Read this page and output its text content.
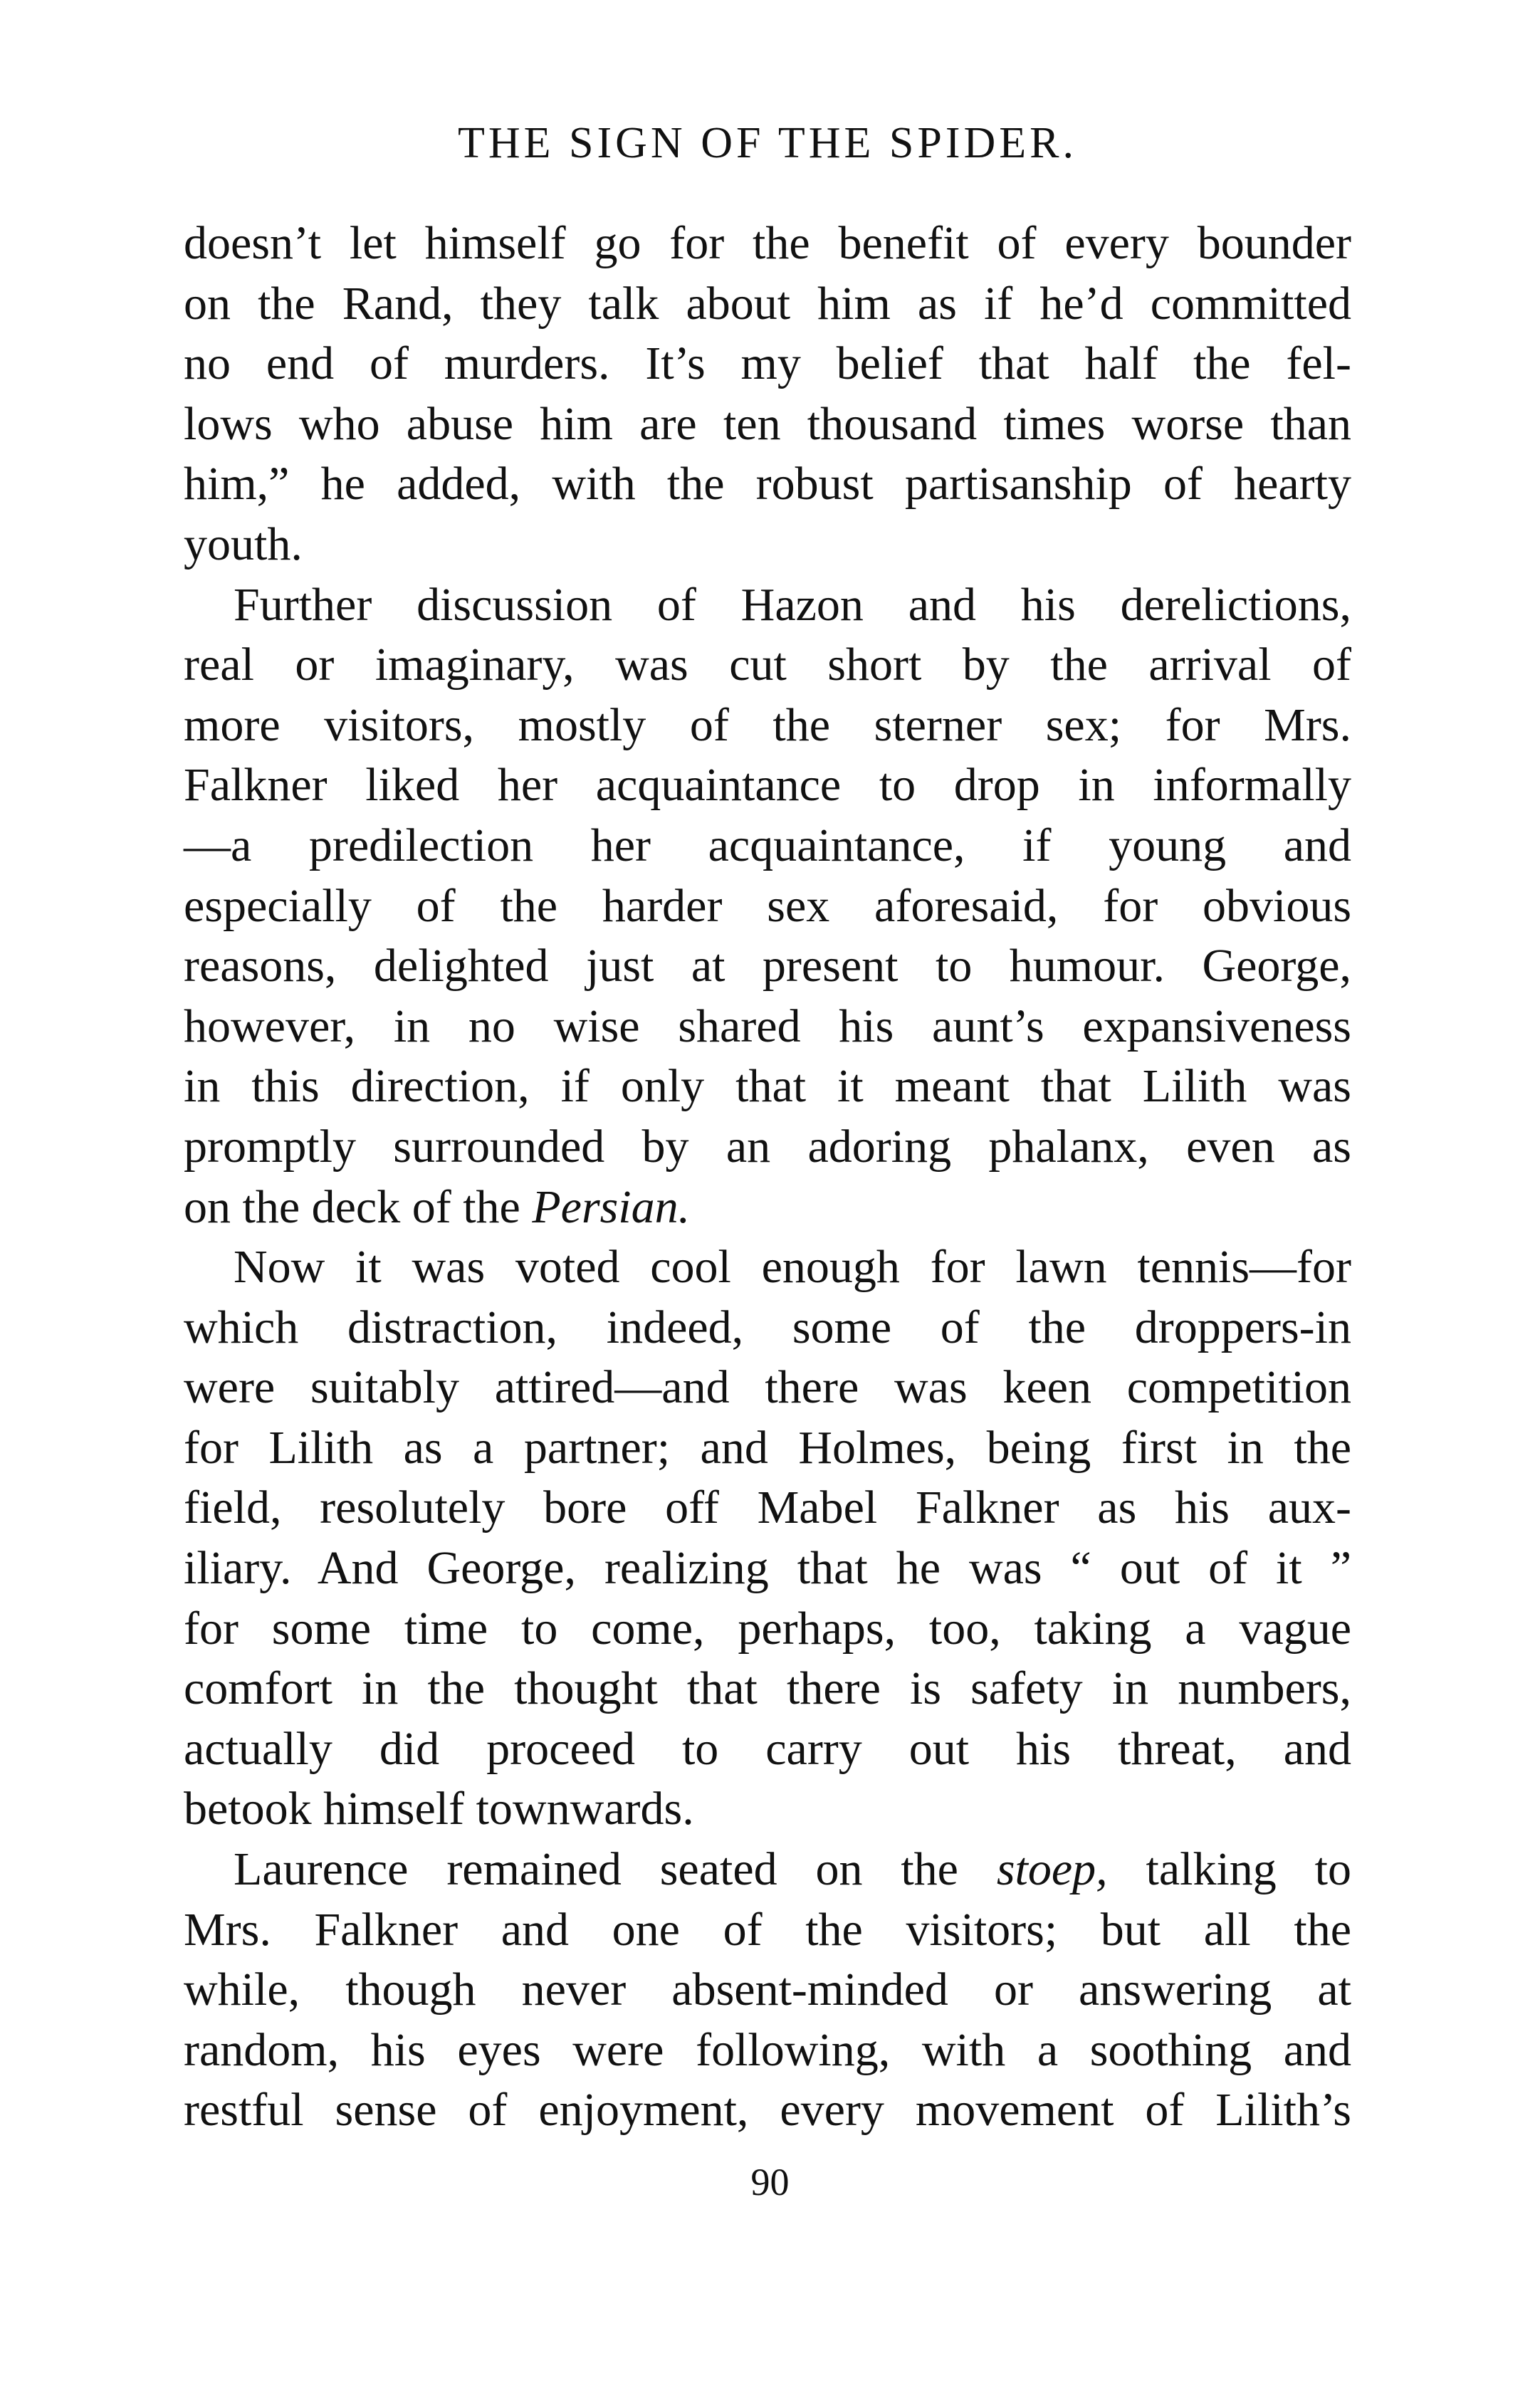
THE SIGN OF THE SPIDER.
doesn’t let himself go for the benefit of every bounder
on the Rand, they talk about him as if he’d committed
no end of murders. It’s my belief that half the fel-
lows who abuse him are ten thousand times worse than
him,” he added, with the robust partisanship of hearty
youth.
Further discussion of Hazon and his derelictions,
real or imaginary, was cut short by the arrival of
more visitors, mostly of the sterner sex; for Mrs.
Falkner liked her acquaintance to drop in informally
—a predilection her acquaintance, if young and
especially of the harder sex aforesaid, for obvious
reasons, delighted just at present to humour. George,
however, in no wise shared his aunt’s expansiveness
in this direction, if only that it meant that Lilith was
promptly surrounded by an adoring phalanx, even as
on the deck of the Persian.
Now it was voted cool enough for lawn tennis—for
which distraction, indeed, some of the droppers-in
were suitably attired—and there was keen competition
for Lilith as a partner; and Holmes, being first in the
field, resolutely bore off Mabel Falkner as his aux-
iliary. And George, realizing that he was “ out of it ”
for some time to come, perhaps, too, taking a vague
comfort in the thought that there is safety in numbers,
actually did proceed to carry out his threat, and
betook himself townwards.
Laurence remained seated on the stoep, talking to
Mrs. Falkner and one of the visitors; but all the
while, though never absent-minded or answering at
random, his eyes were following, with a soothing and
restful sense of enjoyment, every movement of Lilith’s
90
